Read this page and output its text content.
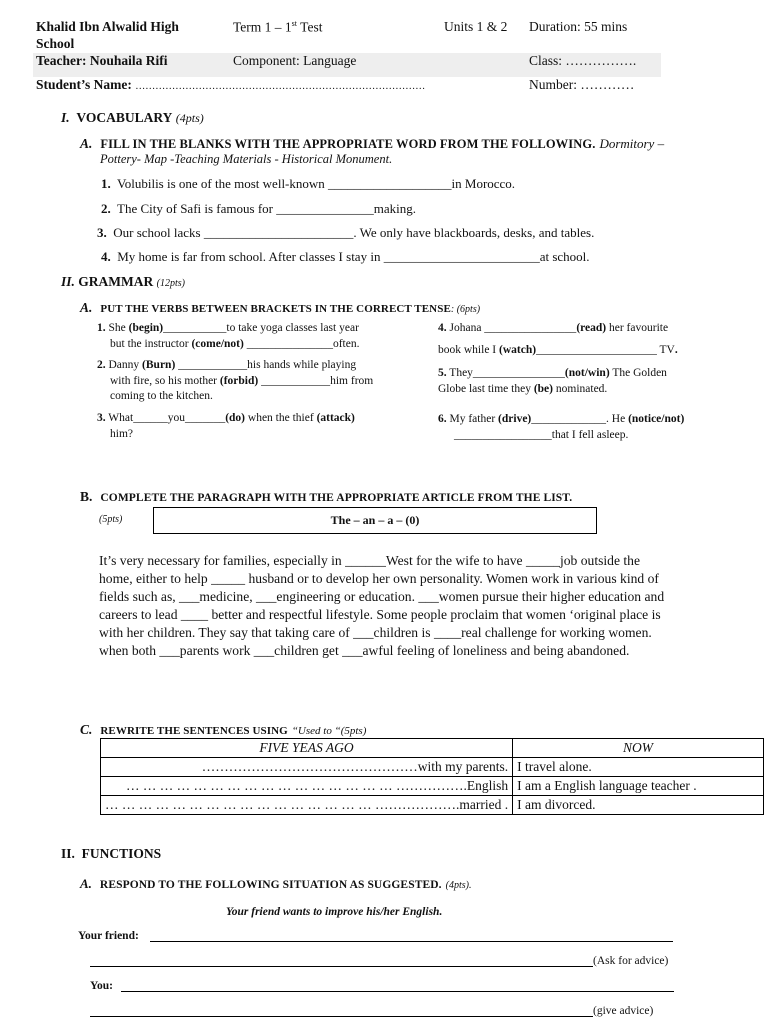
Khalid Ibn Alwalid High
School
Term 1 – 1st Test	Units 1 & 2 Duration: 55 mins
Teacher: Nouhaila Rifi	Component: Language	Class: …………….
Student’s Name: ……………………………………………………………………………	Number: …………
I. VOCABULARY (4pts)
A. FILL IN THE BLANKS WITH THE APPROPRIATE WORD FROM THE FOLLOWING. Dormitory –
Pottery- Map -Teaching Materials - Historical Monument.
1. Volubilis is one of the most well-known ___________________in Morocco.
2. The City of Safi is famous for _______________making.
3. Our school lacks _______________________. We only have blackboards, desks, and tables.
4. My home is far from school. After classes I stay in ________________________at school.
II. GRAMMAR (12pts)
A. PUT THE VERBS BETWEEN BRACKETS IN THE CORRECT TENSE: (6pts)
1. She (begin)___________to take yoga classes last year
but the instructor (come/not) _______________often.
2. Danny (Burn) ____________his hands while playing
with fire, so his mother (forbid) ____________him from
coming to the kitchen.
3. What______you_______(do) when the thief (attack)
him?
4. Johana ________________(read) her favourite
book while I (watch)_____________________ TV.
5. They________________(not/win) The Golden
Globe last time they (be) nominated.
6. My father (drive)_____________. He (notice/not)
_________________that I fell asleep.
B. COMPLETE THE PARAGRAPH WITH THE APPROPRIATE ARTICLE FROM THE LIST.
(5pts)	The – an – a – (0)
It’s very necessary for families, especially in ______West for the wife to have _____job outside the
home, either to help _____ husband or to develop her own personality. Women work in various kind of
fields such as, ___medicine, ___engineering or education. ___women pursue their higher education and
careers to lead ____ better and respectful lifestyle. Some people proclaim that women ‘original place is
with her children. They say that taking care of ___children is ____real challenge for working women.
when both ___parents work ___children get ___awful feeling of loneliness and being abandoned.
C. REWRITE THE SENTENCES USING “Used to “(5pts)
FIVE YEAS AGO	NOW
…………………………………………with my parents.	I travel alone.
… … … … … … … … … … … … … … … … …………….English	I am a English language teacher .
… … … … … … … … … … … … … … … … ……………….married .	I am divorced.
II. FUNCTIONS
A. RESPOND TO THE FOLLOWING SITUATION AS SUGGESTED. (4pts).
Your friend wants to improve his/her English.
Your friend:
(Ask for advice)
You:
(give advice)
